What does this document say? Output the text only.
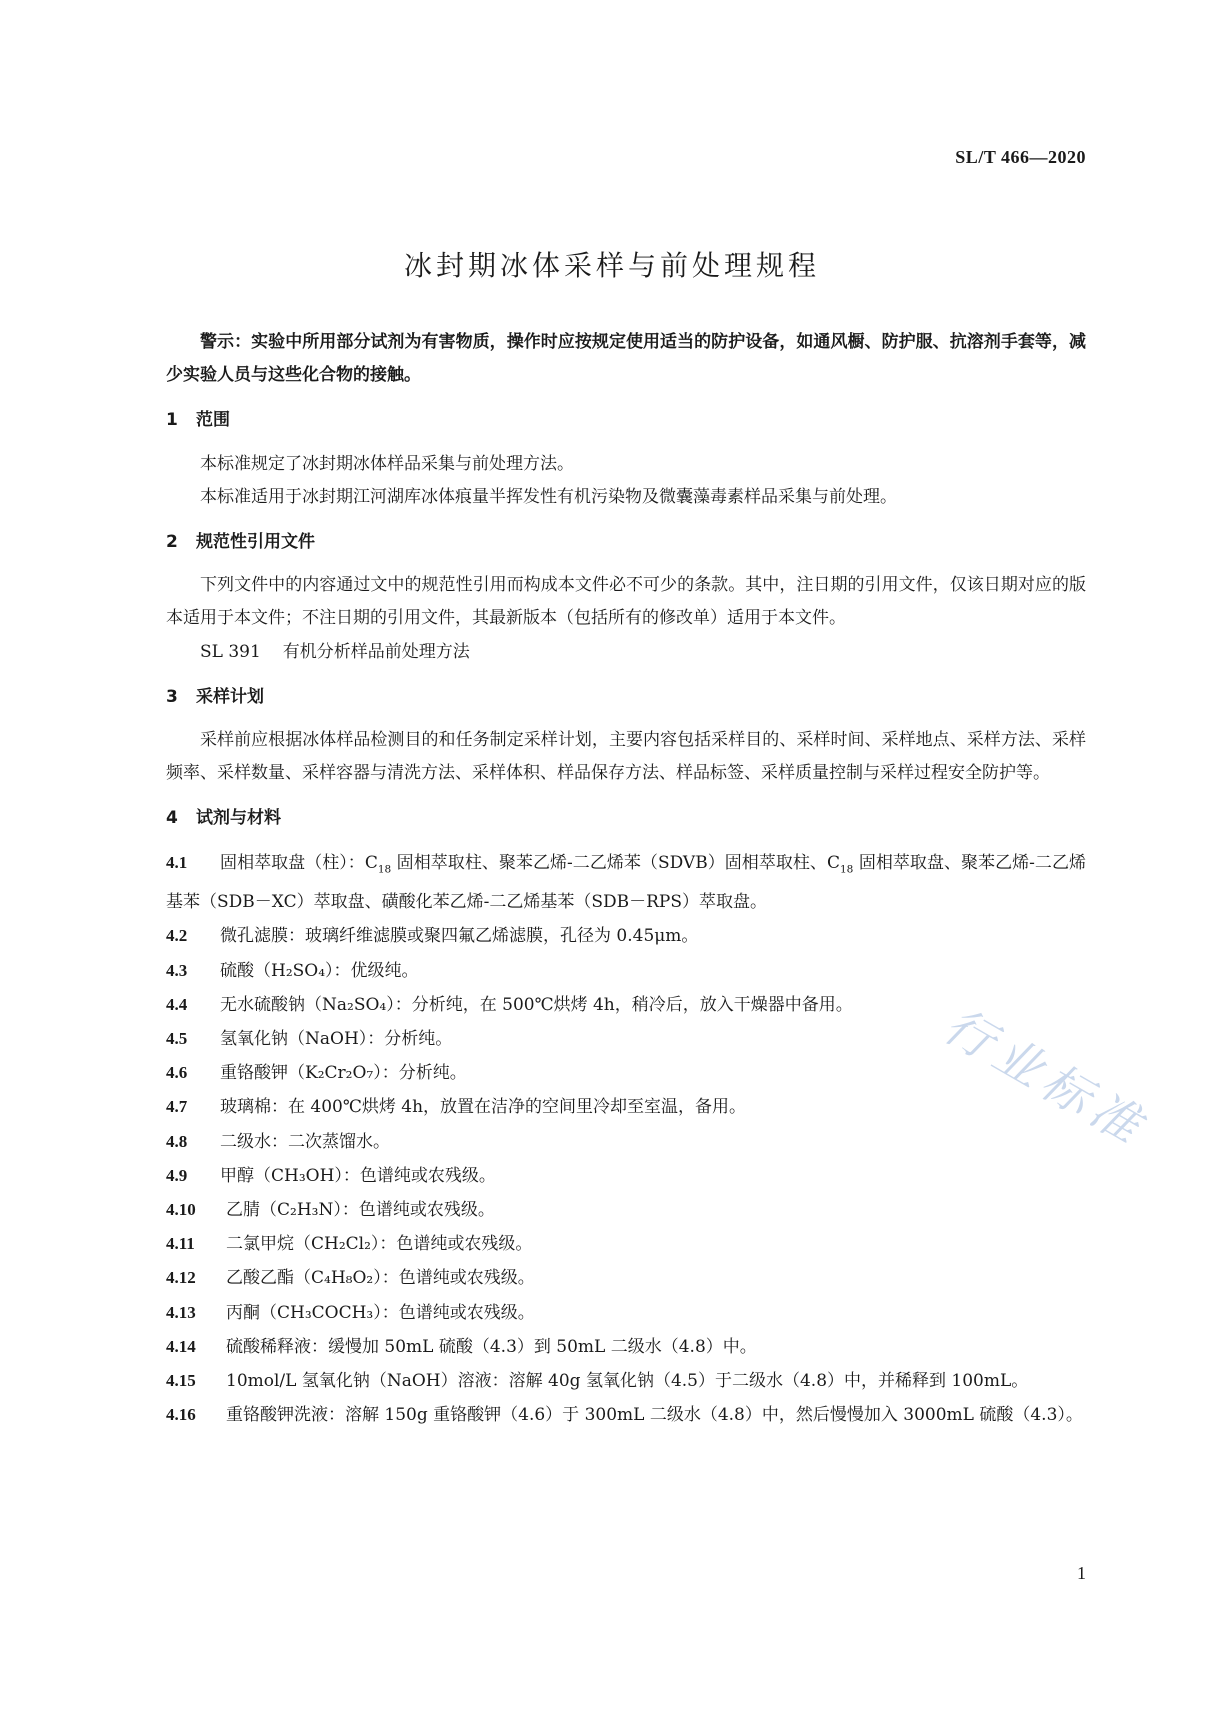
SL/T 466—2020
冰封期冰体采样与前处理规程

警示：实验中所用部分试剂为有害物质，操作时应按规定使用适当的防护设备，如通风橱、防护服、抗溶剂手套等，减少实验人员与这些化合物的接触。

1 范围

本标准规定了冰封期冰体样品采集与前处理方法。

本标准适用于冰封期江河湖库冰体痕量半挥发性有机污染物及微囊藻毒素样品采集与前处理。

2 规范性引用文件

下列文件中的内容通过文中的规范性引用而构成本文件必不可少的条款。其中，注日期的引用文件，仅该日期对应的版本适用于本文件；不注日期的引用文件，其最新版本（包括所有的修改单）适用于本文件。

SL 391 有机分析样品前处理方法

3 采样计划

采样前应根据冰体样品检测目的和任务制定采样计划，主要内容包括采样目的、采样时间、采样地点、采样方法、采样频率、采样数量、采样容器与清洗方法、采样体积、样品保存方法、样品标签、采样质量控制与采样过程安全防护等。

4 试剂与材料

4.1 固相萃取盘（柱）：$C_{18}$ 固相萃取柱、聚苯乙烯-二乙烯苯（SDVB）固相萃取柱、$C_{18}$ 固相萃取盘、聚苯乙烯-二乙烯基苯（SDB－XC）萃取盘、磺酸化苯乙烯-二乙烯基苯（SDB－RPS）萃取盘。

4.2 微孔滤膜：玻璃纤维滤膜或聚四氟乙烯滤膜，孔径为 0.45μm。

4.3 硫酸（H₂SO₄）：优级纯。

4.4 无水硫酸钠（Na₂SO₄）：分析纯，在 500℃烘烤 4h，稍冷后，放入干燥器中备用。

4.5 氢氧化钠（NaOH）：分析纯。

4.6 重铬酸钾（K₂Cr₂O₇）：分析纯。

4.7 玻璃棉：在 400℃烘烤 4h，放置在洁净的空间里冷却至室温，备用。

4.8 二级水：二次蒸馏水。

4.9 甲醇（CH₃OH）：色谱纯或农残级。

4.10 乙腈（C₂H₃N）：色谱纯或农残级。

4.11 二氯甲烷（CH₂Cl₂）：色谱纯或农残级。

4.12 乙酸乙酯（C₄H₈O₂）：色谱纯或农残级。

4.13 丙酮（CH₃COCH₃）：色谱纯或农残级。

4.14 硫酸稀释液：缓慢加 50mL 硫酸（4.3）到 50mL 二级水（4.8）中。

4.15 10mol/L 氢氧化钠（NaOH）溶液：溶解 40g 氢氧化钠（4.5）于二级水（4.8）中，并稀释到 100mL。

4.16 重铬酸钾洗液：溶解 150g 重铬酸钾（4.6）于 300mL 二级水（4.8）中，然后慢慢加入 3000mL 硫酸（4.3）。

行业标准
1
